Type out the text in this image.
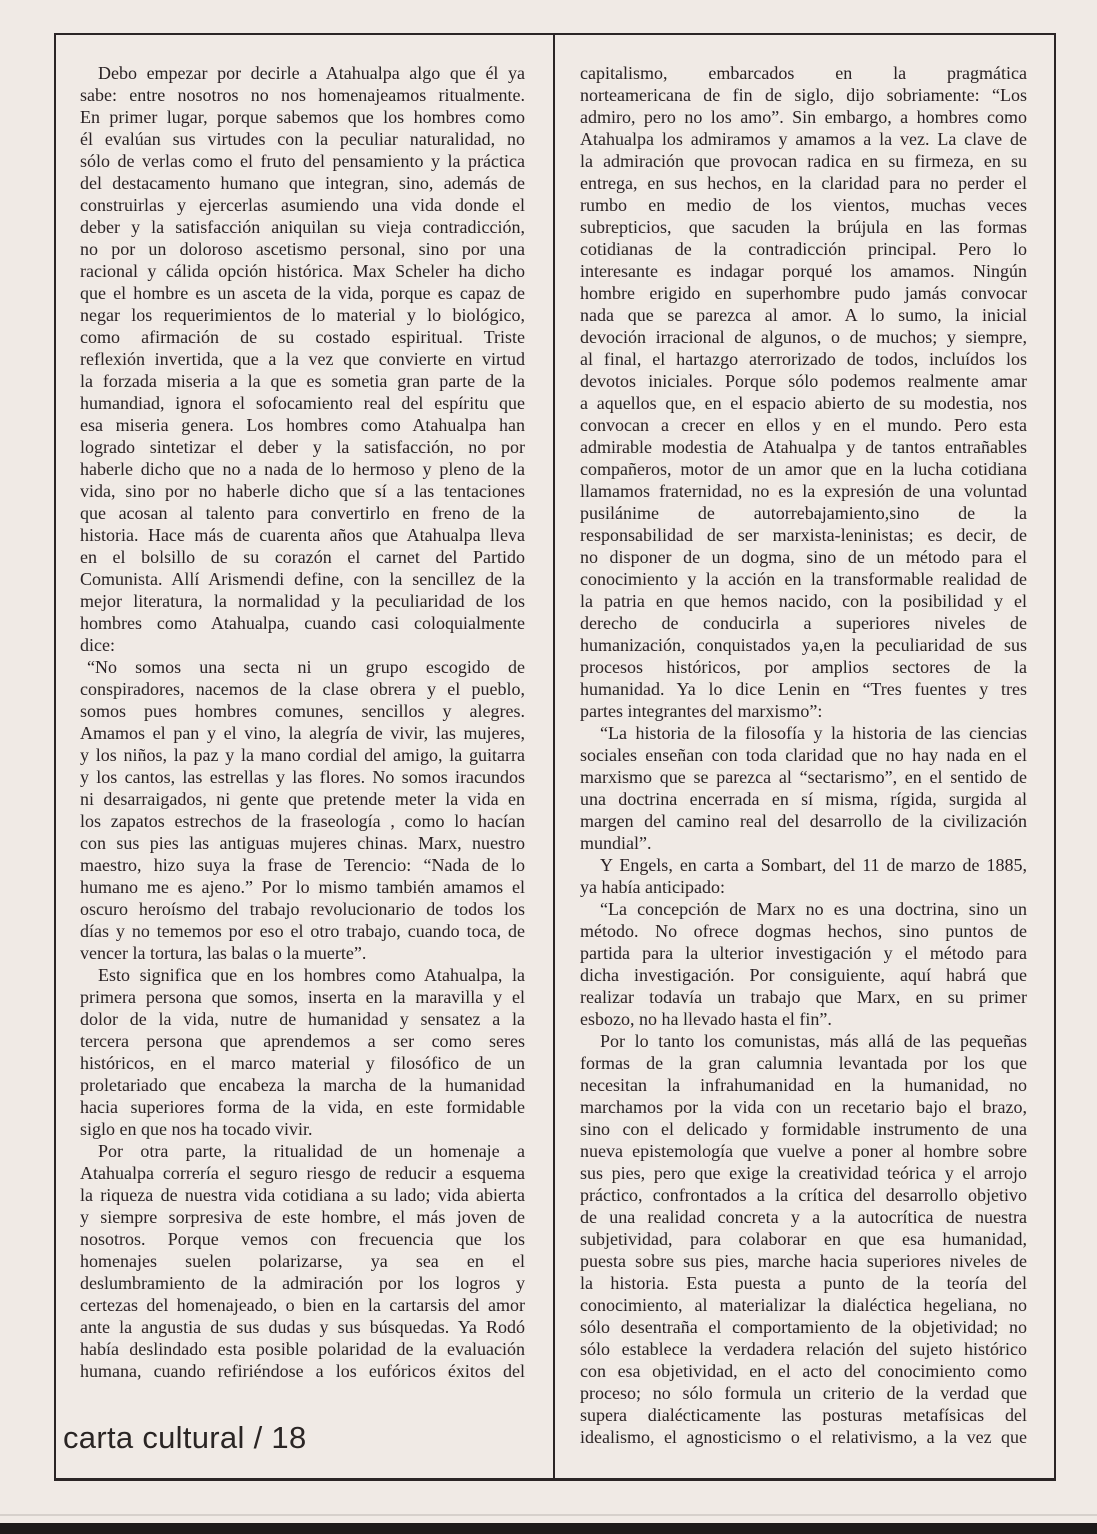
Debo empezar por decirle a Atahualpa algo que él ya
sabe: entre nosotros no nos homenajeamos ritualmente.
En primer lugar, porque sabemos que los hombres como
él evalúan sus virtudes con la peculiar naturalidad, no
sólo de verlas como el fruto del pensamiento y la práctica
del destacamento humano que integran, sino, además de
construirlas y ejercerlas asumiendo una vida donde el
deber y la satisfacción aniquilan su vieja contradicción,
no por un doloroso ascetismo personal, sino por una
racional y cálida opción histórica. Max Scheler ha dicho
que el hombre es un asceta de la vida, porque es capaz de
negar los requerimientos de lo material y lo biológico,
como afirmación de su costado espiritual. Triste
reflexión invertida, que a la vez que convierte en virtud
la forzada miseria a la que es sometia gran parte de la
humandiad, ignora el sofocamiento real del espíritu que
esa miseria genera. Los hombres como Atahualpa han
logrado sintetizar el deber y la satisfacción, no por
haberle dicho que no a nada de lo hermoso y pleno de la
vida, sino por no haberle dicho que sí a las tentaciones
que acosan al talento para convertirlo en freno de la
historia. Hace más de cuarenta años que Atahualpa lleva
en el bolsillo de su corazón el carnet del Partido
Comunista. Allí Arismendi define, con la sencillez de la
mejor literatura, la normalidad y la peculiaridad de los
hombres como Atahualpa, cuando casi coloquialmente
dice:
“No somos una secta ni un grupo escogido de
conspiradores, nacemos de la clase obrera y el pueblo,
somos pues hombres comunes, sencillos y alegres.
Amamos el pan y el vino, la alegría de vivir, las mujeres,
y los niños, la paz y la mano cordial del amigo, la guitarra
y los cantos, las estrellas y las flores. No somos iracundos
ni desarraigados, ni gente que pretende meter la vida en
los zapatos estrechos de la fraseología , como lo hacían
con sus pies las antiguas mujeres chinas. Marx, nuestro
maestro, hizo suya la frase de Terencio: “Nada de lo
humano me es ajeno.” Por lo mismo también amamos el
oscuro heroísmo del trabajo revolucionario de todos los
días y no tememos por eso el otro trabajo, cuando toca, de
vencer la tortura, las balas o la muerte”.
Esto significa que en los hombres como Atahualpa, la
primera persona que somos, inserta en la maravilla y el
dolor de la vida, nutre de humanidad y sensatez a la
tercera persona que aprendemos a ser como seres
históricos, en el marco material y filosófico de un
proletariado que encabeza la marcha de la humanidad
hacia superiores forma de la vida, en este formidable
siglo en que nos ha tocado vivir.
Por otra parte, la ritualidad de un homenaje a
Atahualpa correría el seguro riesgo de reducir a esquema
la riqueza de nuestra vida cotidiana a su lado; vida abierta
y siempre sorpresiva de este hombre, el más joven de
nosotros. Porque vemos con frecuencia que los
homenajes suelen polarizarse, ya sea en el
deslumbramiento de la admiración por los logros y
certezas del homenajeado, o bien en la cartarsis del amor
ante la angustia de sus dudas y sus búsquedas. Ya Rodó
había deslindado esta posible polaridad de la evaluación
humana, cuando refiriéndose a los eufóricos éxitos del
capitalismo, embarcados en la pragmática
norteamericana de fin de siglo, dijo sobriamente: “Los
admiro, pero no los amo”. Sin embargo, a hombres como
Atahualpa los admiramos y amamos a la vez. La clave de
la admiración que provocan radica en su firmeza, en su
entrega, en sus hechos, en la claridad para no perder el
rumbo en medio de los vientos, muchas veces
subrepticios, que sacuden la brújula en las formas
cotidianas de la contradicción principal. Pero lo
interesante es indagar porqué los amamos. Ningún
hombre erigido en superhombre pudo jamás convocar
nada que se parezca al amor. A lo sumo, la inicial
devoción irracional de algunos, o de muchos; y siempre,
al final, el hartazgo aterrorizado de todos, incluídos los
devotos iniciales. Porque sólo podemos realmente amar
a aquellos que, en el espacio abierto de su modestia, nos
convocan a crecer en ellos y en el mundo. Pero esta
admirable modestia de Atahualpa y de tantos entrañables
compañeros, motor de un amor que en la lucha cotidiana
llamamos fraternidad, no es la expresión de una voluntad
pusilánime de autorrebajamiento,sino de la
responsabilidad de ser marxista-leninistas; es decir, de
no disponer de un dogma, sino de un método para el
conocimiento y la acción en la transformable realidad de
la patria en que hemos nacido, con la posibilidad y el
derecho de conducirla a superiores niveles de
humanización, conquistados ya,en la peculiaridad de sus
procesos históricos, por amplios sectores de la
humanidad. Ya lo dice Lenin en “Tres fuentes y tres
partes integrantes del marxismo”:
“La historia de la filosofía y la historia de las ciencias
sociales enseñan con toda claridad que no hay nada en el
marxismo que se parezca al “sectarismo”, en el sentido de
una doctrina encerrada en sí misma, rígida, surgida al
margen del camino real del desarrollo de la civilización
mundial”.
Y Engels, en carta a Sombart, del 11 de marzo de 1885,
ya había anticipado:
“La concepción de Marx no es una doctrina, sino un
método. No ofrece dogmas hechos, sino puntos de
partida para la ulterior investigación y el método para
dicha investigación. Por consiguiente, aquí habrá que
realizar todavía un trabajo que Marx, en su primer
esbozo, no ha llevado hasta el fin”.
Por lo tanto los comunistas, más allá de las pequeñas
formas de la gran calumnia levantada por los que
necesitan la infrahumanidad en la humanidad, no
marchamos por la vida con un recetario bajo el brazo,
sino con el delicado y formidable instrumento de una
nueva epistemología que vuelve a poner al hombre sobre
sus pies, pero que exige la creatividad teórica y el arrojo
práctico, confrontados a la crítica del desarrollo objetivo
de una realidad concreta y a la autocrítica de nuestra
subjetividad, para colaborar en que esa humanidad,
puesta sobre sus pies, marche hacia superiores niveles de
la historia. Esta puesta a punto de la teoría del
conocimiento, al materializar la dialéctica hegeliana, no
sólo desentraña el comportamiento de la objetividad; no
sólo establece la verdadera relación del sujeto histórico
con esa objetividad, en el acto del conocimiento como
proceso; no sólo formula un criterio de la verdad que
supera dialécticamente las posturas metafísicas del
idealismo, el agnosticismo o el relativismo, a la vez que
carta cultural / 18
